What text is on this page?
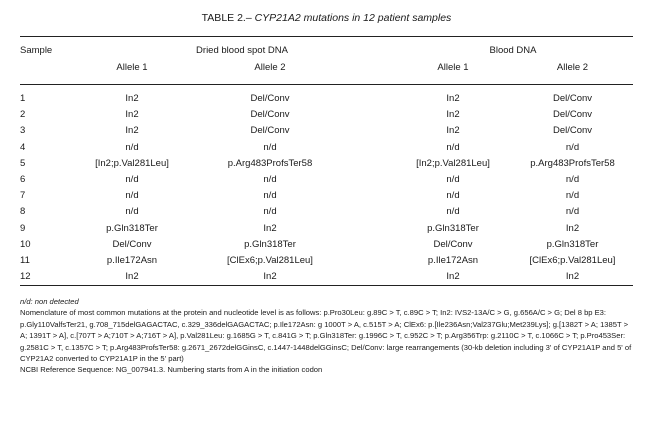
TABLE 2.– CYP21A2 mutations in 12 patient samples
Sample	Dried blood spot DNA	Blood DNA
Allele 1	Allele 2	Allele 1	Allele 2
1	In2	Del/Conv	In2	Del/Conv
2	In2	Del/Conv	In2	Del/Conv
3	In2	Del/Conv	In2	Del/Conv
4	n/d	n/d	n/d	n/d
5	[In2;p.Val281Leu]	p.Arg483ProfsTer58	[In2;p.Val281Leu]	p.Arg483ProfsTer58
6	n/d	n/d	n/d	n/d
7	n/d	n/d	n/d	n/d
8	n/d	n/d	n/d	n/d
9	p.Gln318Ter	In2	p.Gln318Ter	In2
10	Del/Conv	p.Gln318Ter	Del/Conv	p.Gln318Ter
11	p.Ile172Asn	[ClEx6;p.Val281Leu]	p.Ile172Asn	[ClEx6;p.Val281Leu]
12	In2	In2	In2	In2
n/d: non detected
Nomenclature of most common mutations at the protein and nucleotide level is as follows: p.Pro30Leu: g.89C > T, c.89C > T; In2: IVS2-13A/C > G, g.656A/C > G; Del 8 bp E3: p.Gly110ValfsTer21, g.708_715delGAGACTAC, c.329_336delGAGACTAC; p.Ile172Asn: g 1000T > A, c.515T > A; ClEx6: p.[Ile236Asn;Val237Glu;Met239Lys]; g.[1382T > A; 1385T > A; 1391T > A], c.[707T > A;710T > A;716T > A], p.Val281Leu: g.1685G > T, c.841G > T; p.Gln318Ter: g.1996C > T, c.952C > T; p.Arg356Trp: g.2110C > T, c.1066C > T; p.Pro453Ser: g.2581C > T, c.1357C > T; p.Arg483ProfsTer58: g.2671_2672delGGinsC, c.1447-1448delGGinsC; Del/Conv: large rearrangements (30-kb deletion including 3' of CYP21A1P and 5' of CYP21A2 converted to CYP21A1P in the 5' part)
NCBI Reference Sequence: NG_007941.3. Numbering starts from A in the initiation codon
